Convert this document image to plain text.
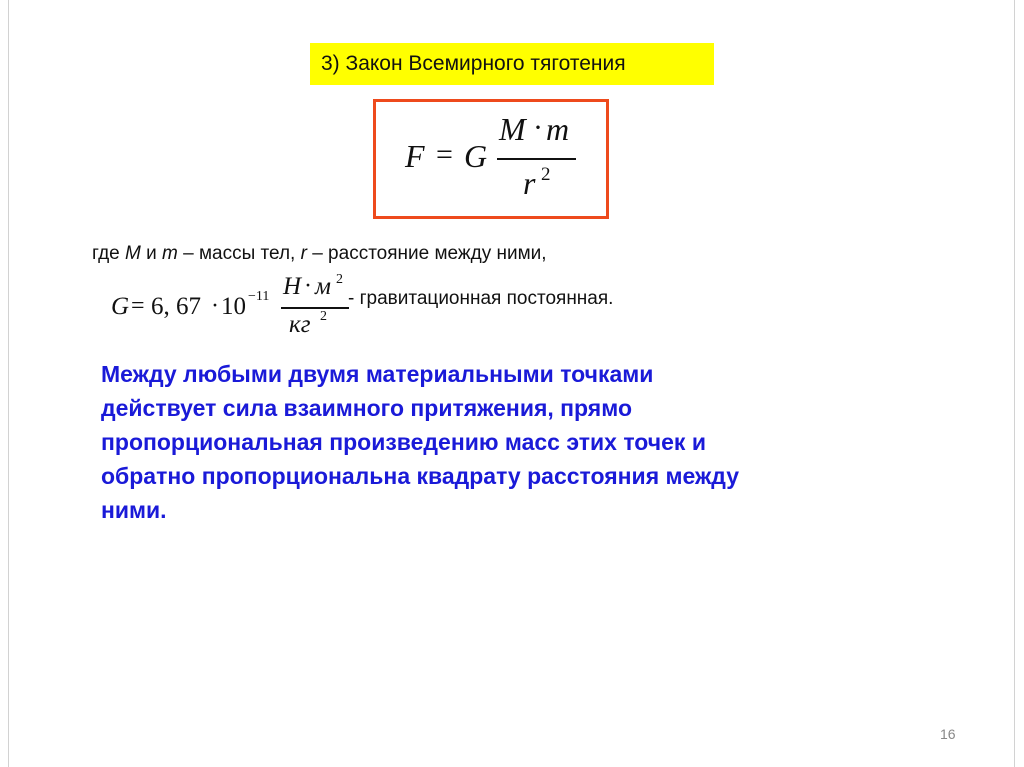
3) Закон Всемирного тяготения
F = G
M · m
r 2
где M и m – массы тел, r – расстояние между ними,
G = 6, 67 · 10 −11 Н · м 2
кг 2
- гравитационная постоянная.
Между любыми двумя материальными точками
действует сила взаимного притяжения, прямо
пропорциональная произведению масс этих точек и
обратно пропорциональна квадрату расстояния между
ними.
16
